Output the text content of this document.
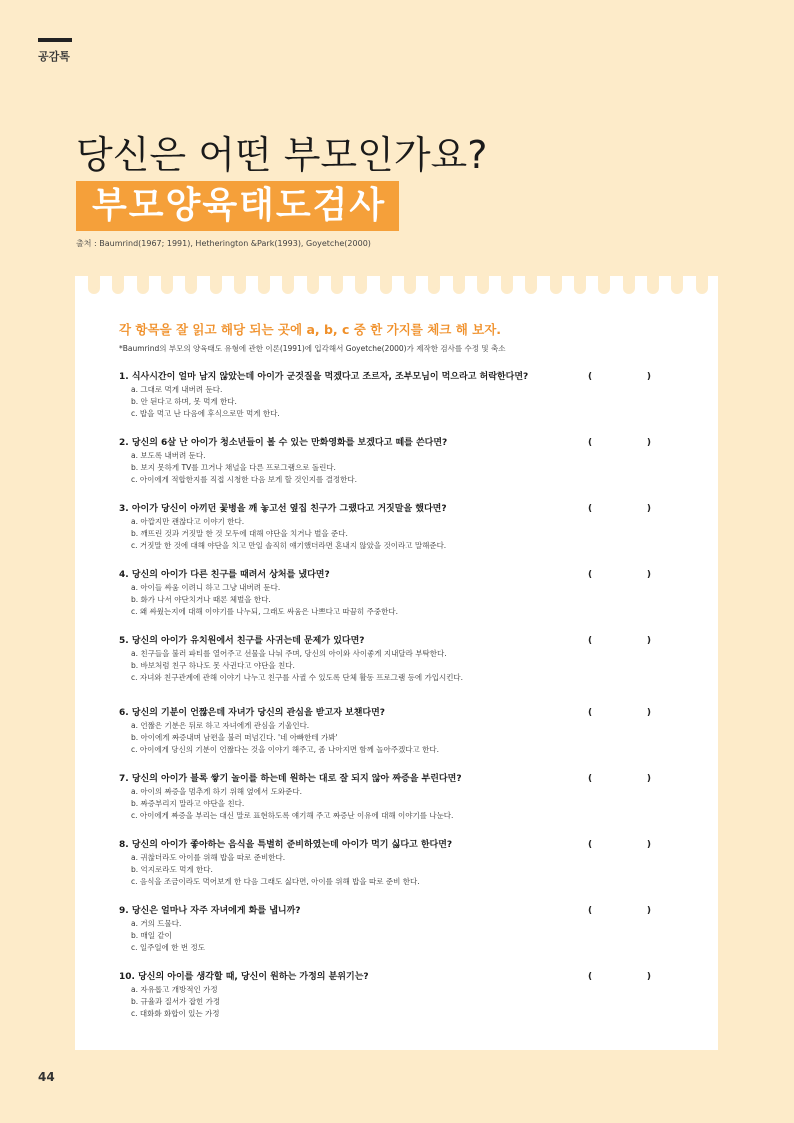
공감톡
당신은 어떤 부모인가요?
부모양육태도검사
출처 : Baumrind(1967; 1991), Hetherington &Park(1993), Goyetche(2000)
각 항목을 잘 읽고 해당 되는 곳에 a, b, c 중 한 가지를 체크 해 보자.
*Baumrind의 부모의 양육태도 유형에 관한 이론(1991)에 입각해서 Goyetche(2000)가 제작한 검사를 수정 및 축소
1. 식사시간이 얼마 남지 않았는데 아이가 군것질을 먹겠다고 조르자, 조부모님이 먹으라고 허락한다면?	(	)
a. 그대로 먹게 내버려 둔다.
b. 안 된다고 하며, 못 먹게 한다.
c. 밥을 먹고 난 다음에 후식으로만 먹게 한다.
2. 당신의 6살 난 아이가 청소년들이 볼 수 있는 만화영화를 보겠다고 떼를 쓴다면?	(	)
a. 보도록 내버려 둔다.
b. 보지 못하게 TV를 끄거나 채널을 다른 프로그램으로 돌린다.
c. 아이에게 적합한지를 직접 시청한 다음 보게 할 것인지를 결정한다.
3. 아이가 당신이 아끼던 꽃병을 깨 놓고선 옆집 친구가 그랬다고 거짓말을 했다면?	(	)
a. 아깝지만 괜찮다고 이야기 한다.
b. 깨뜨린 것과 거짓말 한 것 모두에 대해 야단을 치거나 벌을 준다.
c. 거짓말 한 것에 대해 야단을 치고 만일 솔직히 얘기했더라면 혼내지 않았을 것이라고 말해준다.
4. 당신의 아이가 다른 친구를 때려서 상처를 냈다면?	(	)
a. 아이들 싸움 이려니 하고 그냥 내버려 둔다.
b. 화가 나서 야단치거나 때론 체벌을 한다.
c. 왜 싸웠는지에 대해 이야기를 나누되, 그래도 싸움은 나쁘다고 따끔히 주중한다.
5. 당신의 아이가 유치원에서 친구를 사귀는데 문제가 있다면?	(	)
a. 친구들을 불러 파티를 열어주고 선물을 나눠 주며, 당신의 아이와 사이좋게 지내달라 부탁한다.
b. 바보처럼 친구 하나도 못 사귄다고 야단을 친다.
c. 자녀와 친구관계에 관해 이야기 나누고 친구를 사귈 수 있도록 단체 활동 프로그램 등에 가입시킨다.
6. 당신의 기분이 언짢은데 자녀가 당신의 관심을 받고자 보챈다면?	(	)
a. 언짢은 기분은 뒤로 하고 자녀에게 관심을 기울인다.
b. 아이에게 짜증내며 남편을 불러 떠넘긴다. '네 아빠한테 가봐'
c. 아이에게 당신의 기분이 언짢다는 것을 이야기 해주고, 좀 나아지면 함께 놀아주겠다고 한다.
7. 당신의 아이가 블록 쌓기 놀이를 하는데 원하는 대로 잘 되지 않아 짜증을 부린다면?	(	)
a. 아이의 짜증을 멈추게 하기 위해 옆에서 도와준다.
b. 짜증부리지 말라고 야단을 친다.
c. 아이에게 짜증을 부리는 대신 말로 표현하도록 얘기해 주고 짜증난 이유에 대해 이야기를 나눈다.
8. 당신의 아이가 좋아하는 음식을 특별히 준비하였는데 아이가 먹기 싫다고 한다면?	(	)
a. 귀찮더라도 아이를 위해 밥을 따로 준비한다.
b. 억지로라도 먹게 한다.
c. 음식을 조금이라도 먹어보게 한 다음 그래도 싫다면, 아이를 위해 밥을 따로 준비 한다.
9. 당신은 얼마나 자주 자녀에게 화를 냅니까?	(	)
a. 거의 드물다.
b. 매일 같이
c. 일주일에 한 번 정도
10. 당신의 아이를 생각할 때, 당신이 원하는 가정의 분위기는?	(	)
a. 자유롭고 개방적인 가정
b. 규율과 질서가 잡힌 가정
c. 대화화 화합이 있는 가정
44
